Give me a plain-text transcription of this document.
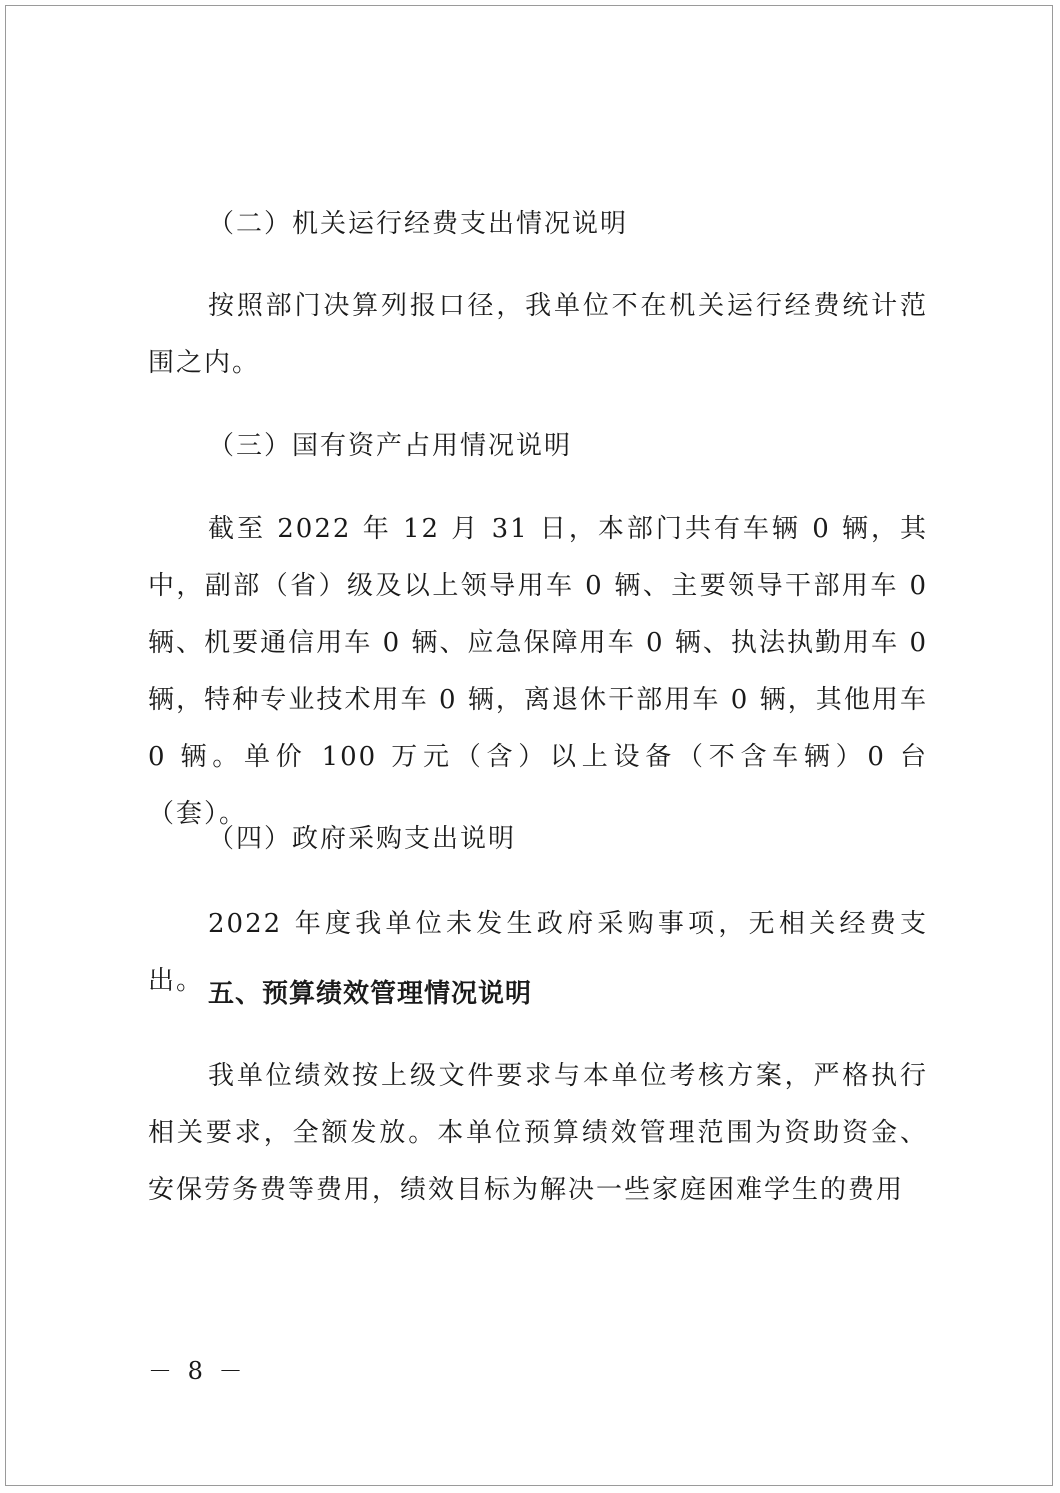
（二）机关运行经费支出情况说明

按照部门决算列报口径，我单位不在机关运行经费统计范围之内。

（三）国有资产占用情况说明

截至 2022 年 12 月 31 日，本部门共有车辆 0 辆，其中，副部（省）级及以上领导用车 0 辆、主要领导干部用车 0 辆、机要通信用车 0 辆、应急保障用车 0 辆、执法执勤用车 0 辆，特种专业技术用车 0 辆，离退休干部用车 0 辆，其他用车 0 辆。单价 100 万元（含）以上设备（不含车辆）0 台（套）。

（四）政府采购支出说明

2022 年度我单位未发生政府采购事项，无相关经费支出。 五、预算绩效管理情况说明

我单位绩效按上级文件要求与本单位考核方案，严格执行相关要求，全额发放。本单位预算绩效管理范围为资助资金、安保劳务费等费用，绩效目标为解决一些家庭困难学生的费用

－ 8 －
